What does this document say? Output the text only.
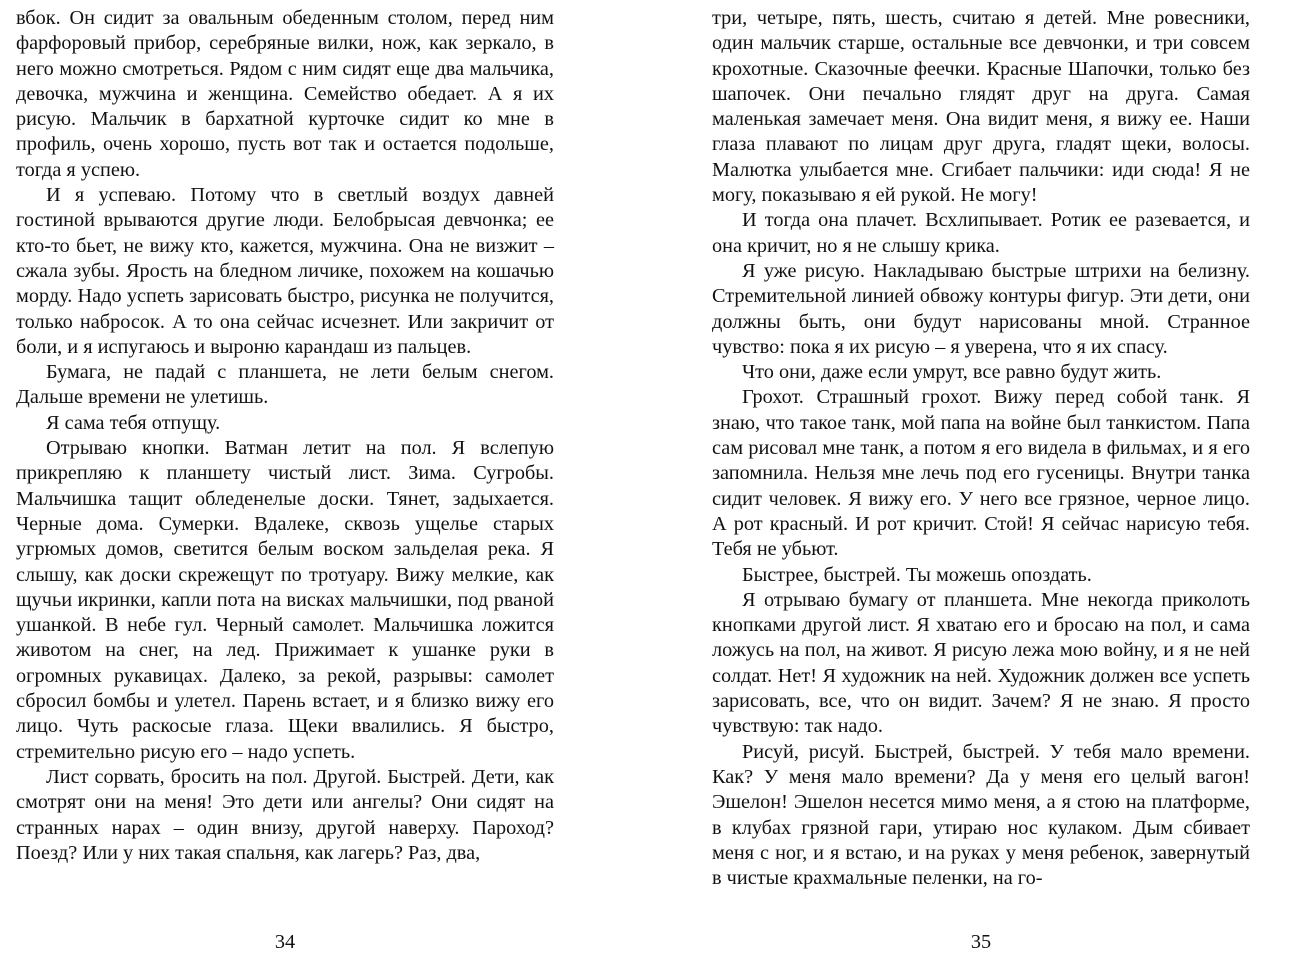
вбок. Он сидит за овальным обеденным столом, перед ним фарфоровый прибор, серебряные вилки, нож, как зеркало, в него можно смотреться. Рядом с ним сидят еще два мальчика, девочка, мужчина и женщина. Семейство обедает. А я их рисую. Мальчик в бархатной курточке сидит ко мне в профиль, очень хорошо, пусть вот так и остается подольше, тогда я успею.

И я успеваю. Потому что в светлый воздух давней гостиной врываются другие люди. Белобрысая девчонка; ее кто-то бьет, не вижу кто, кажется, мужчина. Она не визжит – сжала зубы. Ярость на бледном личике, похожем на кошачью морду. Надо успеть зарисовать быстро, рисунка не получится, только набросок. А то она сейчас исчезнет. Или закричит от боли, и я испугаюсь и выроню карандаш из пальцев.

Бумага, не падай с планшета, не лети белым снегом. Дальше времени не улетишь.

Я сама тебя отпущу.

Отрываю кнопки. Ватман летит на пол. Я вслепую прикрепляю к планшету чистый лист. Зима. Сугробы. Мальчишка тащит обледенелые доски. Тянет, задыхается. Черные дома. Сумерки. Вдалеке, сквозь ущелье старых угрюмых домов, светится белым воском зальделая река. Я слышу, как доски скрежещут по тротуару. Вижу мелкие, как щучьи икринки, капли пота на висках мальчишки, под рваной ушанкой. В небе гул. Черный самолет. Мальчишка ложится животом на снег, на лед. Прижимает к ушанке руки в огромных рукавицах. Далеко, за рекой, разрывы: самолет сбросил бомбы и улетел. Парень встает, и я близко вижу его лицо. Чуть раскосые глаза. Щеки ввалились. Я быстро, стремительно рисую его – надо успеть.

Лист сорвать, бросить на пол. Другой. Быстрей. Дети, как смотрят они на меня! Это дети или ангелы? Они сидят на странных нарах – один внизу, другой наверху. Пароход? Поезд? Или у них такая спальня, как лагерь? Раз, два,

34

три, четыре, пять, шесть, считаю я детей. Мне ровесники, один мальчик старше, остальные все девчонки, и три совсем крохотные. Сказочные феечки. Красные Шапочки, только без шапочек. Они печально глядят друг на друга. Самая маленькая замечает меня. Она видит меня, я вижу ее. Наши глаза плавают по лицам друг друга, гладят щеки, волосы. Малютка улыбается мне. Сгибает пальчики: иди сюда! Я не могу, показываю я ей рукой. Не могу!

И тогда она плачет. Всхлипывает. Ротик ее разевается, и она кричит, но я не слышу крика.

Я уже рисую. Накладываю быстрые штрихи на белизну. Стремительной линией обвожу контуры фигур. Эти дети, они должны быть, они будут нарисованы мной. Странное чувство: пока я их рисую – я уверена, что я их спасу.

Что они, даже если умрут, все равно будут жить.

Грохот. Страшный грохот. Вижу перед собой танк. Я знаю, что такое танк, мой папа на войне был танкистом. Папа сам рисовал мне танк, а потом я его видела в фильмах, и я его запомнила. Нельзя мне лечь под его гусеницы. Внутри танка сидит человек. Я вижу его. У него все грязное, черное лицо. А рот красный. И рот кричит. Стой! Я сейчас нарисую тебя. Тебя не убьют.

Быстрее, быстрей. Ты можешь опоздать.

Я отрываю бумагу от планшета. Мне некогда приколоть кнопками другой лист. Я хватаю его и бросаю на пол, и сама ложусь на пол, на живот. Я рисую лежа мою войну, и я не ней солдат. Нет! Я художник на ней. Художник должен все успеть зарисовать, все, что он видит. Зачем? Я не знаю. Я просто чувствую: так надо.

Рисуй, рисуй. Быстрей, быстрей. У тебя мало времени. Как? У меня мало времени? Да у меня его целый вагон! Эшелон! Эшелон несется мимо меня, а я стою на платформе, в клубах грязной гари, утираю нос кулаком. Дым сбивает меня с ног, и я встаю, и на руках у меня ребенок, завернутый в чистые крахмальные пеленки, на го-

35
